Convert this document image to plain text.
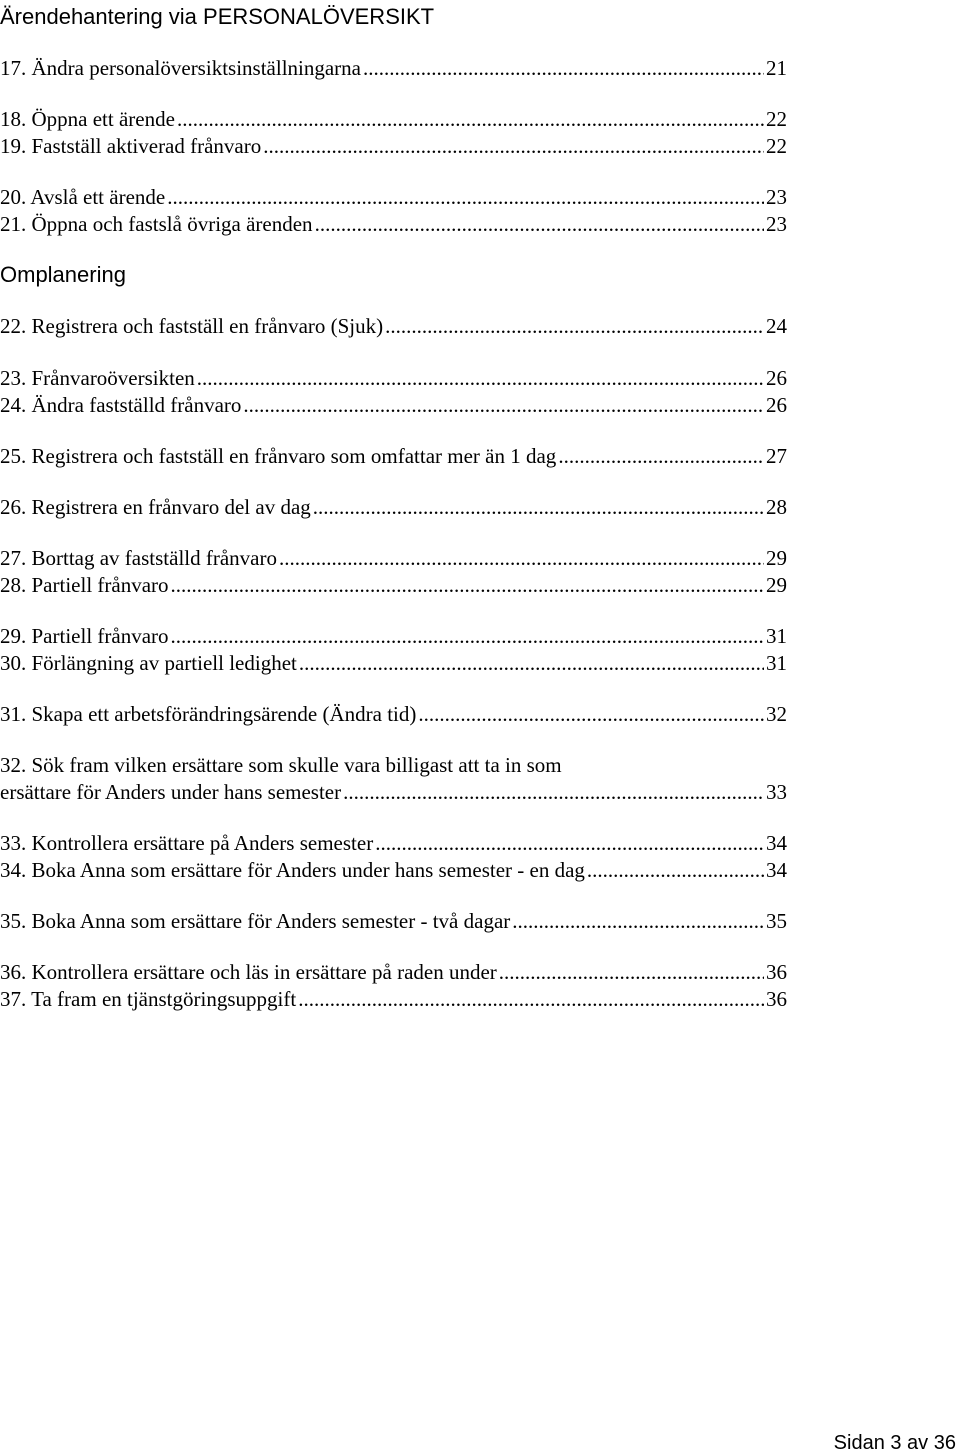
Ärendehantering via PERSONALÖVERSIKT
17. Ändra personalöversiktsinställningarna .....	21
18. Öppna ett ärende .....	22
19. Fastställ aktiverad frånvaro .....	22
20. Avslå ett ärende .....	23
21. Öppna och fastslå övriga ärenden .....	23
Omplanering
22. Registrera och fastställ en frånvaro (Sjuk) .....	24
23. Frånvaroöversikten .....	26
24. Ändra fastställd frånvaro .....	26
25. Registrera och fastställ en frånvaro som omfattar mer än 1 dag .....	27
26. Registrera en frånvaro del av dag .....	28
27. Borttag av fastställd frånvaro .....	29
28. Partiell frånvaro .....	29
29. Partiell frånvaro .....	31
30. Förlängning av partiell ledighet .....	31
31. Skapa ett arbetsförändringsärende (Ändra tid) .....	32
32. Sök fram vilken ersättare som skulle vara billigast att ta in som
ersättare för Anders under hans semester .....	33
33. Kontrollera ersättare på Anders semester .....	34
34. Boka Anna som ersättare för Anders under hans semester - en dag .....	34
35. Boka Anna som ersättare för Anders semester - två dagar .....	35
36. Kontrollera ersättare och läs in ersättare på raden under .....	36
37. Ta fram en tjänstgöringsuppgift .....	36
Sidan 3 av 36
